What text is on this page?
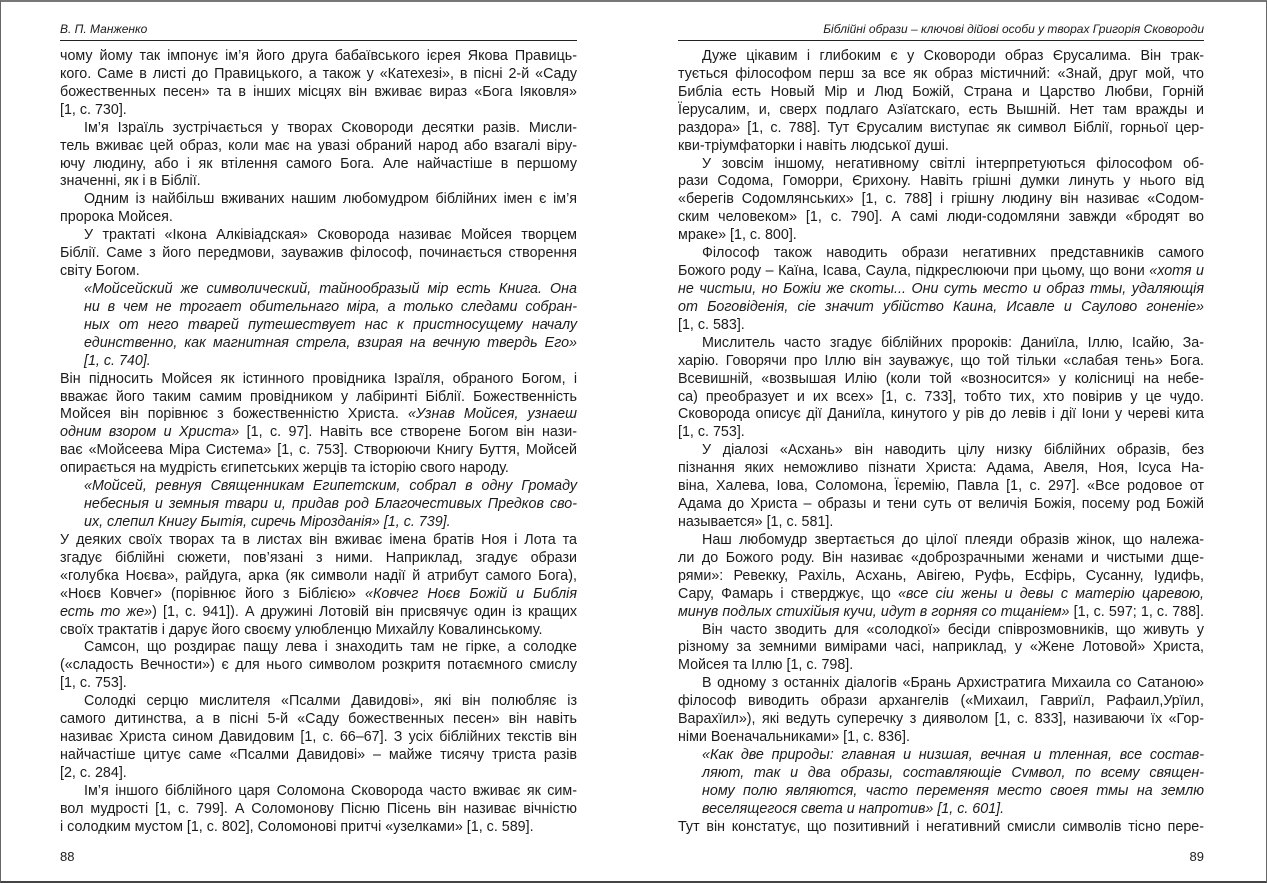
В. П. Манженко
чому йому так імпонує ім’я його друга бабаївського ієрея Якова Правиць-
кого. Саме в листі до Правицького, а також у «Катехезі», в пісні 2-й «Саду
божественных песен» та в інших місцях він вживає вираз «Бога Іяковля»
[1, с. 730].
Ім’я Ізраїль зустрічається у творах Сковороди десятки разів. Мисли-
тель вживає цей образ, коли має на увазі обраний народ або взагалі віру-
ючу людину, або і як втілення самого Бога. Але найчастіше в першому
значенні, як і в Біблії.
Одним із найбільш вживаних нашим любомудром біблійних імен є ім’я
пророка Мойсея.
У трактаті «Ікона Алківіадская» Сковорода називає Мойсея творцем
Біблії. Саме з його передмови, зауважив філософ, починається створення
світу Богом.
«Мойсейский же символический, тайнообразый мір есть Книга. Она
ни в чем не трогает обительнаго міра, а только следами собран-
ных от него тварей путешествует нас к пристносущему началу
единственно, как магнитная стрела, взирая на вечную твердь Его»
[1, с. 740].
Він підносить Мойсея як істинного провідника Ізраїля, обраного Богом, і
вважає його таким самим провідником у лабіринті Біблії. Божественність
Мойсея він порівнює з божественністю Христа. «Узнав Мойсея, узнаеш
одним взором и Христа» [1, с. 97]. Навіть все створене Богом він нази-
ває «Мойсеева Міра Система» [1, с. 753]. Створюючи Книгу Буття, Мойсей
опирається на мудрість єгипетських жерців та історію свого народу.
«Мойсей, ревнуя Священникам Египетским, собрал в одну Громаду
небесныя и земныя твари и, придав род Благочестивых Предков сво-
их, слепил Книгу Бытія, сиречь Мірозданія» [1, с. 739].
У деяких своїх творах та в листах він вживає імена братів Ноя і Лота та
згадує біблійні сюжети, пов’язані з ними. Наприклад, згадує образи
«голубка Ноєва», райдуга, арка (як символи надії й атрибут самого Бога),
«Ноєв Ковчег» (порівнює його з Біблією» «Ковчег Ноєв Божій и Библія
есть то же») [1, с. 941]). А дружині Лотовій він присвячує один із кращих
своїх трактатів і дарує його своєму улюбленцю Михайлу Ковалинському.
Самсон, що роздирає пащу лева і знаходить там не гірке, а солодке
(«сладость Вечности») є для нього символом розкритя потаємного смислу
[1, с. 753].
Солодкі серцю мислителя «Псалми Давидові», які він полюбляє із
самого дитинства, а в пісні 5-й «Саду божественных песен» він навіть
називає Христа сином Давидовим [1, с. 66–67]. З усіх біблійних текстів він
найчастіше цитує саме «Псалми Давидові» – майже тисячу триста разів
[2, с. 284].
Ім’я іншого біблійного царя Соломона Сковорода часто вживає як сим-
вол мудрості [1, с. 799]. А Соломонову Пісню Пісень він називає вічністю
і солодким мустом [1, с. 802], Соломонові притчі «узелками» [1, с. 589].
88
Біблійні образи – ключові дійові особи у творах Григорія Сковороди
Дуже цікавим і глибоким є у Сковороди образ Єрусалима. Він трак-
тується філософом перш за все як образ містичний: «Знай, друг мой, что
Библіа есть Новый Мір и Люд Божій, Страна и Царство Любви, Горній
Їерусалим, и, сверх подлаго Азїатскаго, есть Вышній. Нет там вражды и
раздора» [1, с. 788]. Тут Єрусалим виступає як символ Біблії, горньої цер-
кви-тріумфаторки і навіть людської душі.
У зовсім іншому, негативному світлі інтерпретуються філософом об-
рази Содома, Гоморри, Єрихону. Навіть грішні думки линуть у нього від
«берегів Содомлянських» [1, с. 788] і грішну людину він називає «Содом-
ским человеком» [1, с. 790]. А самі люди-содомляни завжди «бродят во
мраке» [1, с. 800].
Філософ також наводить образи негативних представників самого
Божого роду – Каїна, Ісава, Саула, підкреслюючи при цьому, що вони «хотя и
не чистыи, но Божіи же скоты... Они суть место и образ тмы, удаляющія
от Боговіденія, сіе значит убійство Каина, Исавле и Саулово гоненіе»
[1, с. 583].
Мислитель часто згадує біблійних пророків: Даниїла, Іллю, Ісайю, За-
харію. Говорячи про Іллю він зауважує, що той тільки «слабая тень» Бога.
Всевишній, «возвышая Илію (коли той «возносится» у колісниці на небе-
са) преобразует и их всех» [1, с. 733], тобто тих, хто повірив у це чудо.
Сковорода описує дії Даниїла, кинутого у рів до левів і дії Іони у череві кита
[1, с. 753].
У діалозі «Асхань» він наводить цілу низку біблійних образів, без
пізнання яких неможливо пізнати Христа: Адама, Авеля, Ноя, Ісуса На-
віна, Халева, Іова, Соломона, Їєремію, Павла [1, с. 297]. «Все родовое от
Адама до Христа – образы и тени суть от величія Божія, посему род Божій
называется» [1, с. 581].
Наш любомудр звертається до цілої плеяди образів жінок, що належа-
ли до Божого роду. Він називає «доброзрачными женами и чистыми дще-
рями»: Ревекку, Рахіль, Асхань, Авігею, Руфь, Есфірь, Сусанну, Іудифь,
Сару, Фамарь і стверджує, що «все сіи жены и девы с матерію царевою,
минув подлых стихійыя кучи, идут в горняя со тщаніем» [1, с. 597; 1, с. 788].
Він часто зводить для «солодкої» бесіди співрозмовників, що живуть у
різному за земними вимірами часі, наприклад, у «Жене Лотовой» Христа,
Мойсея та Іллю [1, с. 798].
В одному з останніх діалогів «Брань Архистратига Михаила со Сатаною»
філософ виводить образи архангелів («Михаил, Гавриїл, Рафаил,Урїил,
Варахїил»), які ведуть суперечку з дияволом [1, с. 833], називаючи їх «Гор-
німи Военачальниками» [1, с. 836].
«Как две природы: главная и низшая, вечная и тленная, все состав-
ляют, так и два образы, составляющіе Сvмвол, по всему священ-
ному полю являются, часто переменяя место своея тмы на землю
веселящегося света и напротив» [1, с. 601].
Тут він констатує, що позитивний і негативний смисли символів тісно пере-
89
